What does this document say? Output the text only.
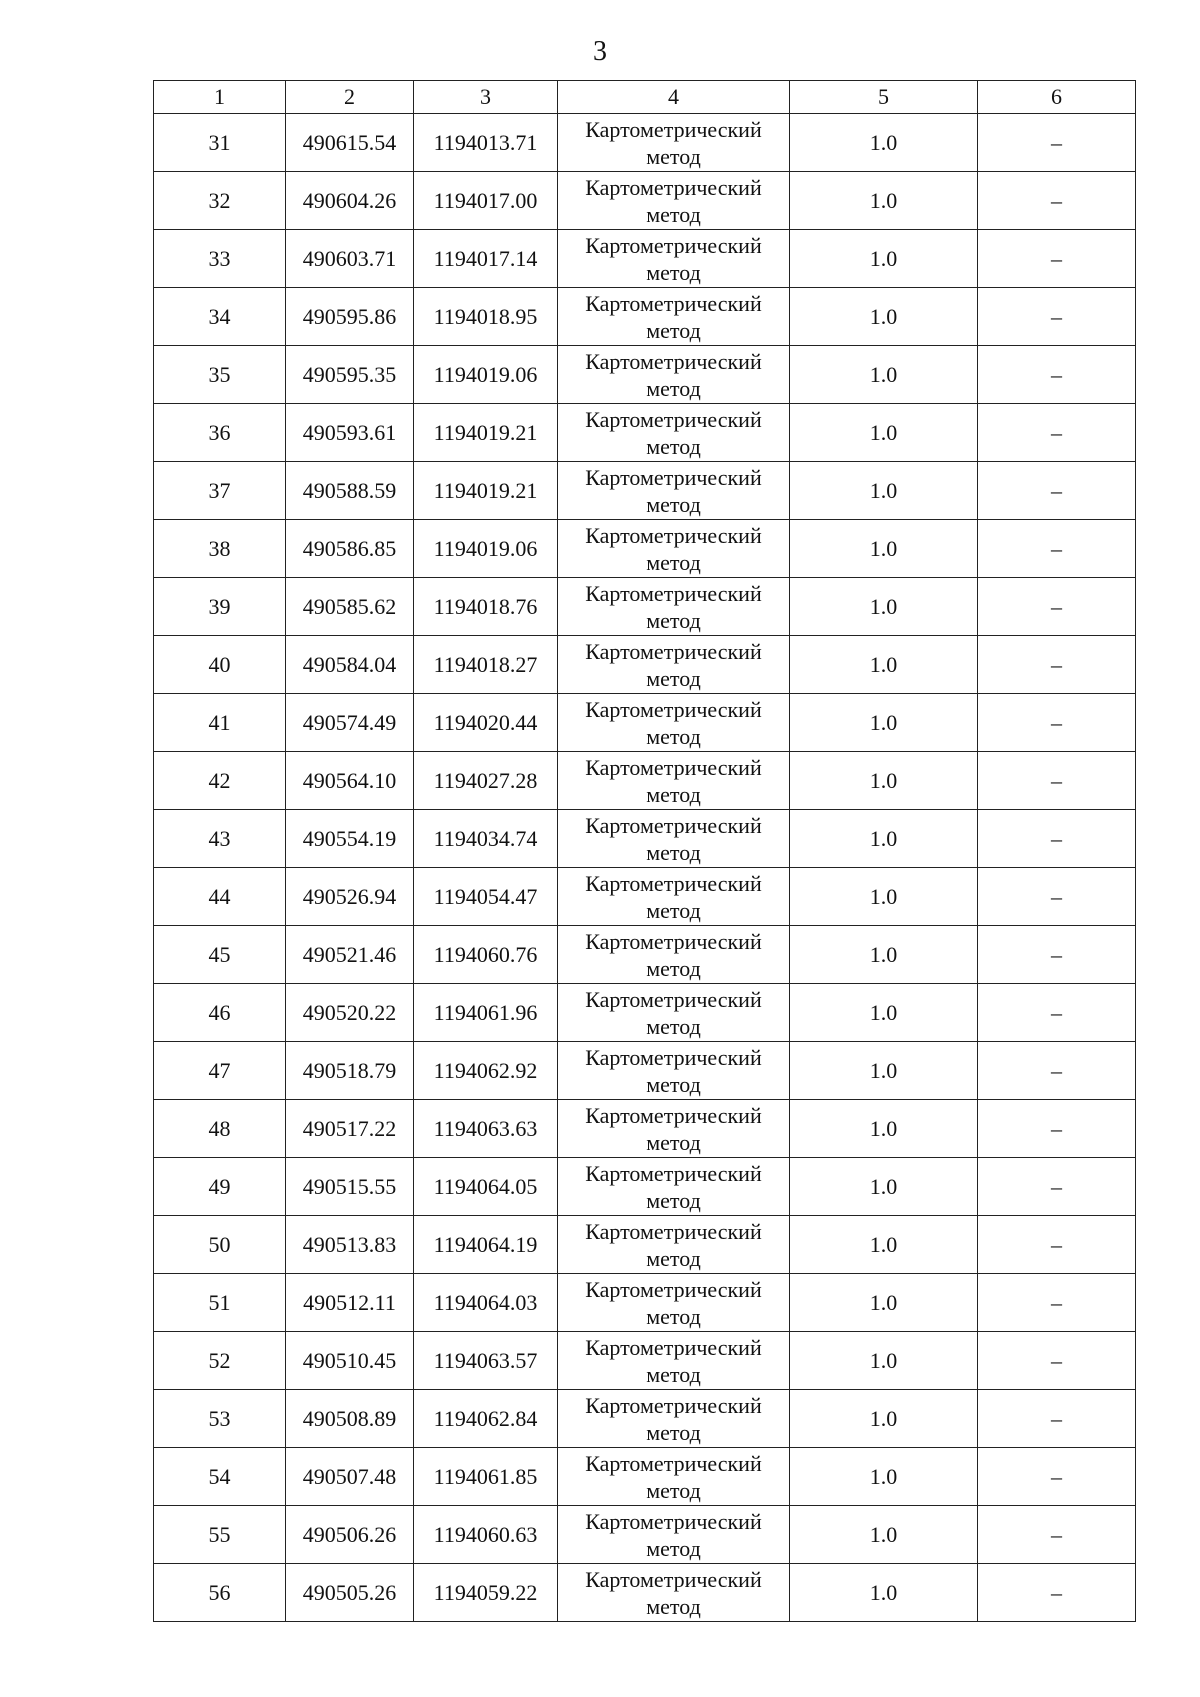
3
1	2	3	4	5	6
31	490615.54	1194013.71	Картометрический метод	1.0	–
32	490604.26	1194017.00	Картометрический метод	1.0	–
33	490603.71	1194017.14	Картометрический метод	1.0	–
34	490595.86	1194018.95	Картометрический метод	1.0	–
35	490595.35	1194019.06	Картометрический метод	1.0	–
36	490593.61	1194019.21	Картометрический метод	1.0	–
37	490588.59	1194019.21	Картометрический метод	1.0	–
38	490586.85	1194019.06	Картометрический метод	1.0	–
39	490585.62	1194018.76	Картометрический метод	1.0	–
40	490584.04	1194018.27	Картометрический метод	1.0	–
41	490574.49	1194020.44	Картометрический метод	1.0	–
42	490564.10	1194027.28	Картометрический метод	1.0	–
43	490554.19	1194034.74	Картометрический метод	1.0	–
44	490526.94	1194054.47	Картометрический метод	1.0	–
45	490521.46	1194060.76	Картометрический метод	1.0	–
46	490520.22	1194061.96	Картометрический метод	1.0	–
47	490518.79	1194062.92	Картометрический метод	1.0	–
48	490517.22	1194063.63	Картометрический метод	1.0	–
49	490515.55	1194064.05	Картометрический метод	1.0	–
50	490513.83	1194064.19	Картометрический метод	1.0	–
51	490512.11	1194064.03	Картометрический метод	1.0	–
52	490510.45	1194063.57	Картометрический метод	1.0	–
53	490508.89	1194062.84	Картометрический метод	1.0	–
54	490507.48	1194061.85	Картометрический метод	1.0	–
55	490506.26	1194060.63	Картометрический метод	1.0	–
56	490505.26	1194059.22	Картометрический метод	1.0	–
